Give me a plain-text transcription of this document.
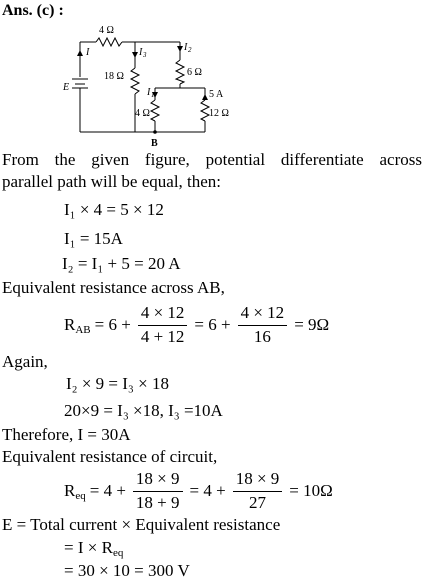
Ans. (c) :
4 Ω
18 Ω	6 Ω
4 Ω	12 Ω
5 A
E
I	I 3
I 2
I 1
B
From the given figure, potential differentiate across
parallel path will be equal, then:
I₁ × 4 = 5 × 12
I₁ = 15A
I₂ = I₁ + 5 = 20 A
Equivalent resistance across AB,
$R_{AB} = 6 + \frac{4 \times 12}{4 + 12} = 6 + \frac{4 \times 12}{16} = 9\Omega$
Again,
I₂ × 9 = I₃ × 18
20×9 = I₃ ×18, I₃ =10A
Therefore, I = 30A
Equivalent resistance of circuit,
$R_{eq} = 4 + \frac{18 \times 9}{18 + 9} = 4 + \frac{18 \times 9}{27} = 10\Omega$
E = Total current × Equivalent resistance
= $I \times R_{eq}$
= 30 × 10 = 300 V
